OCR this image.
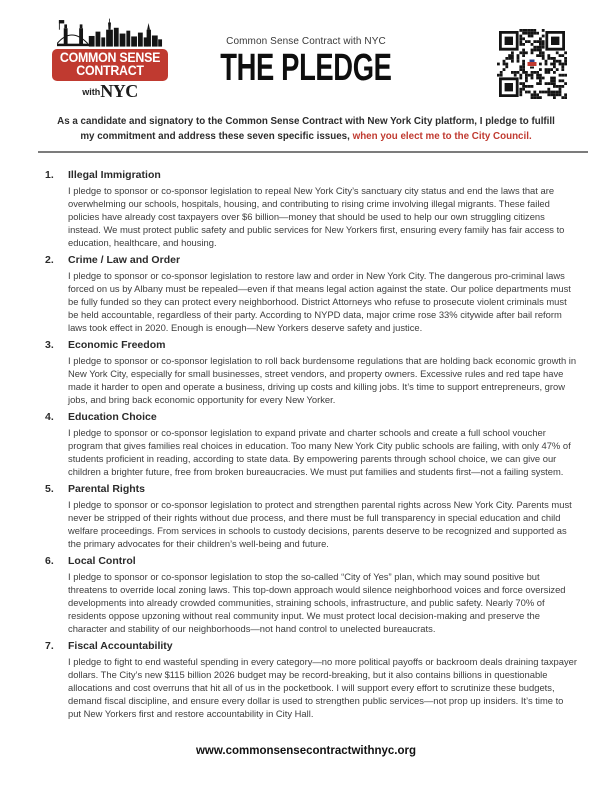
COMMON SENSE
CONTRACT
withNYC
Common Sense Contract with NYC
THE PLEDGE

As a candidate and signatory to the Common Sense Contract with New York City platform, I pledge to fulfill my commitment and address these seven specific issues, when you elect me to the City Council.

1.	Illegal Immigration

I pledge to sponsor or co-sponsor legislation to repeal New York City’s sanctuary city status and end the laws that are overwhelming our schools, hospitals, housing, and contributing to rising crime involving illegal migrants. These failed policies have already cost taxpayers over $6 billion—money that should be used to help our own struggling citizens instead. We must protect public safety and public services for New Yorkers first, ensuring every family has fair access to education, healthcare, and housing.

2.	Crime / Law and Order

I pledge to sponsor or co-sponsor legislation to restore law and order in New York City. The dangerous pro-criminal laws forced on us by Albany must be repealed—even if that means legal action against the state. Our police departments must be fully funded so they can protect every neighborhood. District Attorneys who refuse to prosecute violent criminals must be held accountable, regardless of their party. According to NYPD data, major crime rose 33% citywide after bail reform laws took effect in 2020. Enough is enough—New Yorkers deserve safety and justice.

3.	Economic Freedom

I pledge to sponsor or co-sponsor legislation to roll back burdensome regulations that are holding back economic growth in New York City, especially for small businesses, street vendors, and property owners. Excessive rules and red tape have made it harder to open and operate a business, driving up costs and killing jobs. It’s time to support entrepreneurs, grow jobs, and bring back economic opportunity for every New Yorker.

4.	Education Choice

I pledge to sponsor or co-sponsor legislation to expand private and charter schools and create a full school voucher program that gives families real choices in education. Too many New York City public schools are failing, with only 47% of students proficient in reading, according to state data. By empowering parents through school choice, we can give our children a brighter future, free from broken bureaucracies. We must put families and students first—not a failing system.

5.	Parental Rights

I pledge to sponsor or co-sponsor legislation to protect and strengthen parental rights across New York City. Parents must never be stripped of their rights without due process, and there must be full transparency in special education and child welfare proceedings. From services in schools to custody decisions, parents deserve to be recognized and supported as the primary advocates for their children’s well-being and future.

6.	Local Control

I pledge to sponsor or co-sponsor legislation to stop the so-called “City of Yes” plan, which may sound positive but threatens to override local zoning laws. This top-down approach would silence neighborhood voices and force oversized developments into already crowded communities, straining schools, infrastructure, and public safety. Nearly 70% of residents oppose upzoning without real community input. We must protect local decision-making and preserve the character and stability of our neighborhoods—not hand control to unelected bureaucrats.

7.	Fiscal Accountability

I pledge to fight to end wasteful spending in every category—no more political payoffs or backroom deals draining taxpayer dollars. The City’s new $115 billion 2026 budget may be record-breaking, but it also contains billions in questionable allocations and cost overruns that hit all of us in the pocketbook. I will support every effort to scrutinize these budgets, demand fiscal discipline, and ensure every dollar is used to strengthen public services—not prop up insiders. It’s time to put New Yorkers first and restore accountability in City Hall.

www.commonsensecontractwithnyc.org
